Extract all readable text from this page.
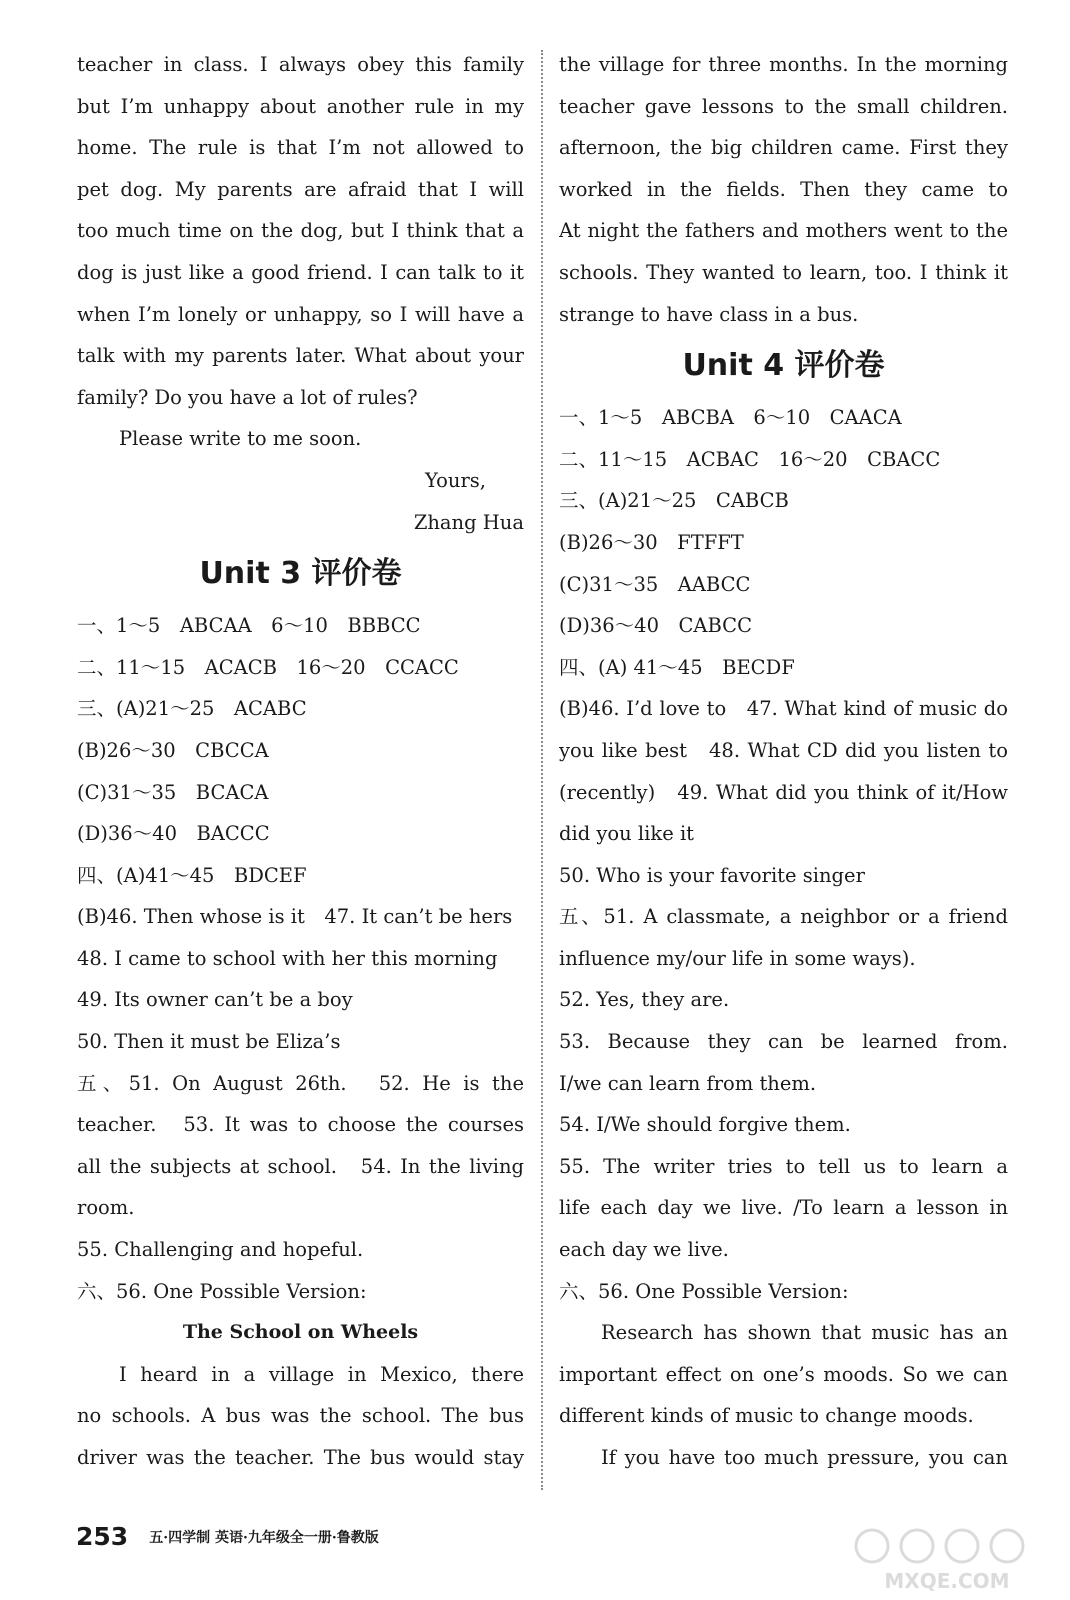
teacher in class. I always obey this family
but I’m unhappy about another rule in my
home. The rule is that I’m not allowed to
pet dog. My parents are afraid that I will
too much time on the dog, but I think that a
dog is just like a good friend. I can talk to it
when I’m lonely or unhappy, so I will have a
talk with my parents later. What about your
family? Do you have a lot of rules?
Please write to me soon.
Yours,
Zhang Hua
Unit 3 评价卷
一、1～5　ABCAA　6～10　BBBCC
二、11～15　ACACB　16～20　CCACC
三、(A)21～25　ACABC
(B)26～30　CBCCA
(C)31～35　BCACA
(D)36～40　BACCC
四、(A)41～45　BDCEF
(B)46. Then whose is it　47. It can’t be hers
48. I came to school with her this morning
49. Its owner can’t be a boy
50. Then it must be Eliza’s
五、51. On August 26th.　52. He is the
teacher.　53. It was to choose the courses
all the subjects at school.　54. In the living
room.
55. Challenging and hopeful.
六、56. One Possible Version:
The School on Wheels
I heard in a village in Mexico, there
no schools. A bus was the school. The bus
driver was the teacher. The bus would stay
the village for three months. In the morning
teacher gave lessons to the small children.
afternoon, the big children came. First they
worked in the fields. Then they came to
At night the fathers and mothers went to the
schools. They wanted to learn, too. I think it
strange to have class in a bus.
Unit 4 评价卷
一、1～5　ABCBA　6～10　CAACA
二、11～15　ACBAC　16～20　CBACC
三、(A)21～25　CABCB
(B)26～30　FTFFT
(C)31～35　AABCC
(D)36～40　CABCC
四、(A) 41～45　BECDF
(B)46. I’d love to　47. What kind of music do
you like best　48. What CD did you listen to
(recently)　49. What did you think of it/How
did you like it
50. Who is your favorite singer
五、51. A classmate, a neighbor or a friend
influence my/our life in some ways).
52. Yes, they are.
53. Because they can be learned from.
I/we can learn from them.
54. I/We should forgive them.
55. The writer tries to tell us to learn a
life each day we live. /To learn a lesson in
each day we live.
六、56. One Possible Version:
Research has shown that music has an
important effect on one’s moods. So we can
different kinds of music to change moods.
If you have too much pressure, you can
253 五·四学制 英语·九年级全一册·鲁教版
MXQE.COM
